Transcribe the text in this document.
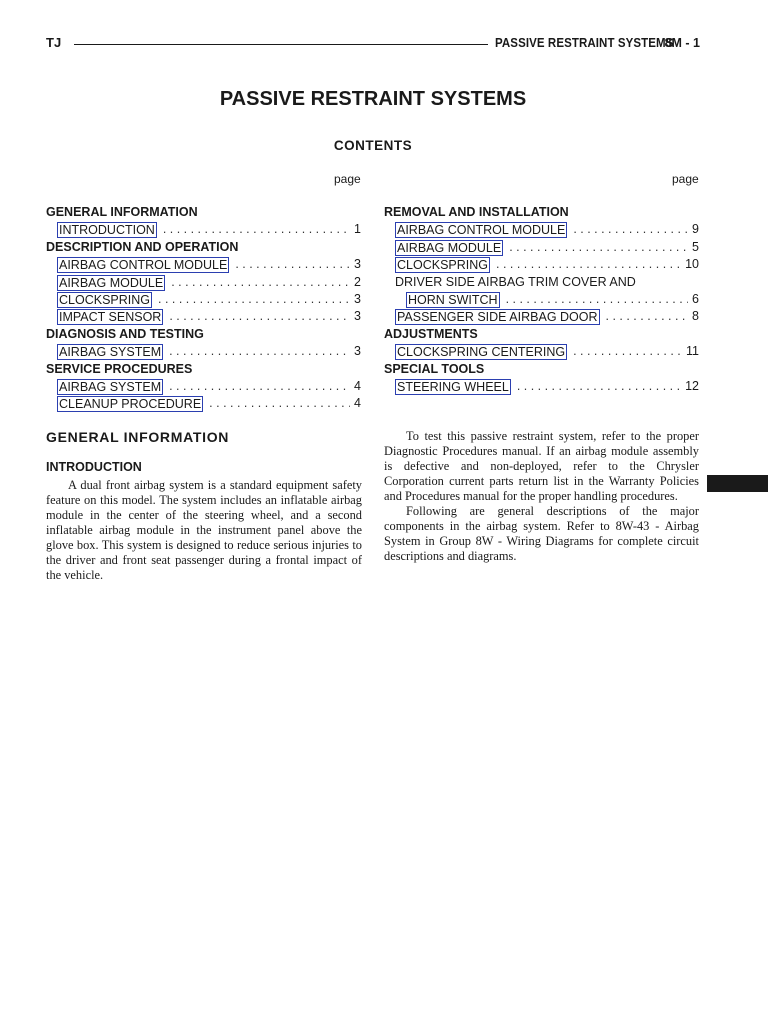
TJ	PASSIVE RESTRAINT SYSTEMS
8M - 1
PASSIVE RESTRAINT SYSTEMS
CONTENTS
page	page
GENERAL INFORMATION
INTRODUCTION . . .	1
DESCRIPTION AND OPERATION
AIRBAG CONTROL MODULE . . .	3
AIRBAG MODULE . . .	2
CLOCKSPRING . . .	3
IMPACT SENSOR . . .	3
DIAGNOSIS AND TESTING
AIRBAG SYSTEM . . .	3
SERVICE PROCEDURES
AIRBAG SYSTEM . . .	4
CLEANUP PROCEDURE . . .	4
REMOVAL AND INSTALLATION
AIRBAG CONTROL MODULE . . .	9
AIRBAG MODULE . . .	5
CLOCKSPRING . . .	10
DRIVER SIDE AIRBAG TRIM COVER AND
HORN SWITCH . . .	6
PASSENGER SIDE AIRBAG DOOR . . .	8
ADJUSTMENTS
CLOCKSPRING CENTERING . . .	11
SPECIAL TOOLS
STEERING WHEEL . . .	12
GENERAL INFORMATION
INTRODUCTION

A dual front airbag system is a standard equipment safety feature on this model. The system includes an inflatable airbag module in the center of the steering wheel, and a second inflatable airbag module in the instrument panel above the glove box. This system is designed to reduce serious injuries to the driver and front seat passenger during a frontal impact of the vehicle.

To test this passive restraint system, refer to the proper Diagnostic Procedures manual. If an airbag module assembly is defective and non-deployed, refer to the Chrysler Corporation current parts return list in the Warranty Policies and Procedures manual for the proper handling procedures.

Following are general descriptions of the major components in the airbag system. Refer to 8W-43 - Airbag System in Group 8W - Wiring Diagrams for complete circuit descriptions and diagrams.
